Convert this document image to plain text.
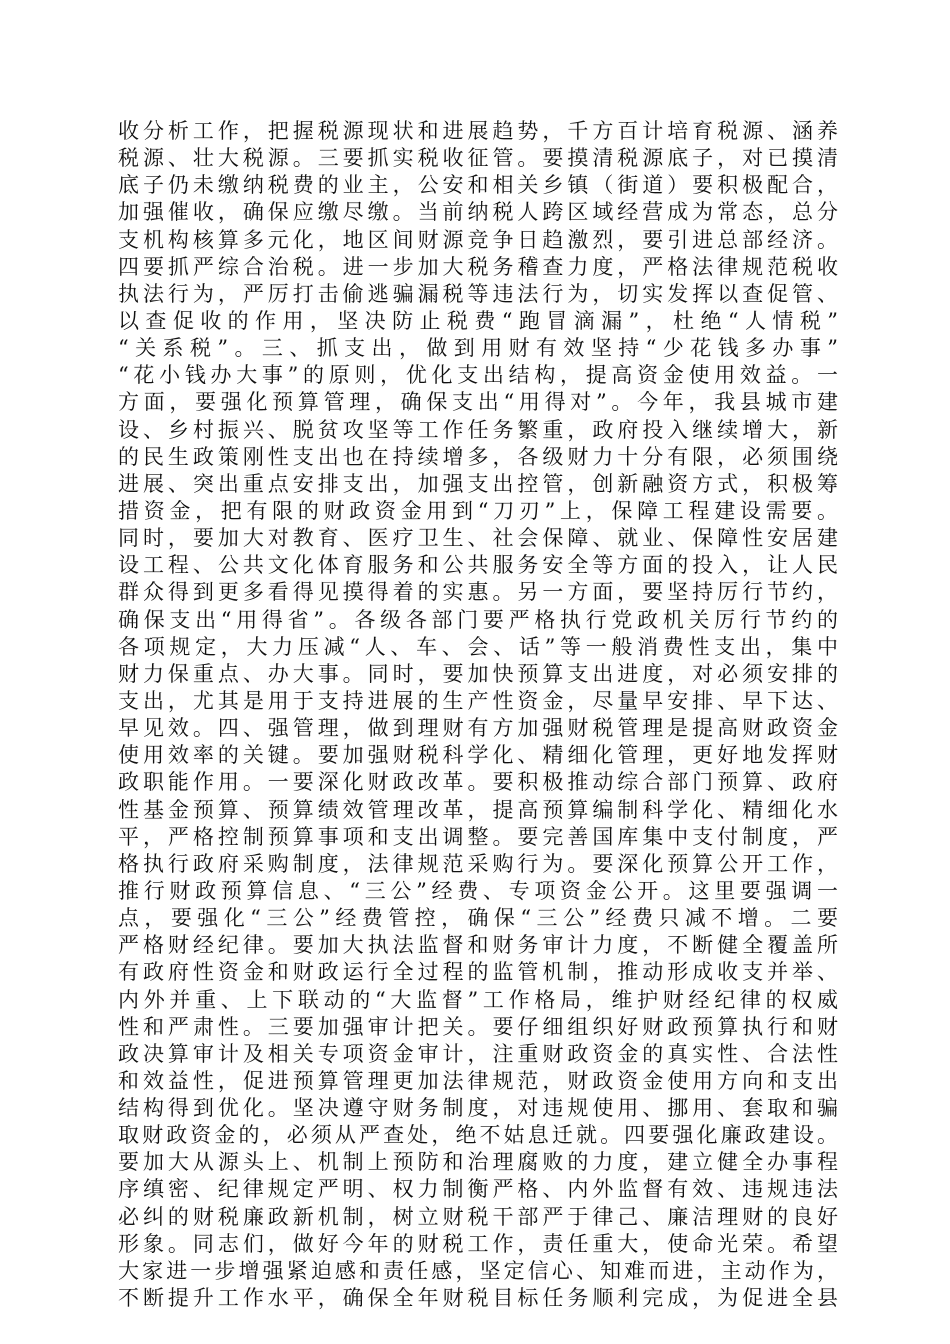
收分析工作，把握税源现状和进展趋势，千方百计培育税源、涵养
税源、壮大税源。三要抓实税收征管。要摸清税源底子，对已摸清
底子仍未缴纳税费的业主，公安和相关乡镇（街道）要积极配合，
加强催收，确保应缴尽缴。当前纳税人跨区域经营成为常态，总分
支机构核算多元化，地区间财源竞争日趋激烈，要引进总部经济。
四要抓严综合治税。进一步加大税务稽查力度，严格法律规范税收
执法行为，严厉打击偷逃骗漏税等违法行为，切实发挥以查促管、
以查促收的作用，坚决防止税费“跑冒滴漏”，杜绝“人情税”
“关系税”。三、抓支出，做到用财有效坚持“少花钱多办事”
“花小钱办大事”的原则，优化支出结构，提高资金使用效益。一
方面，要强化预算管理，确保支出“用得对”。今年，我县城市建
设、乡村振兴、脱贫攻坚等工作任务繁重，政府投入继续增大，新
的民生政策刚性支出也在持续增多，各级财力十分有限，必须围绕
进展、突出重点安排支出，加强支出控管，创新融资方式，积极筹
措资金，把有限的财政资金用到“刀刃”上，保障工程建设需要。
同时，要加大对教育、医疗卫生、社会保障、就业、保障性安居建
设工程、公共文化体育服务和公共服务安全等方面的投入，让人民
群众得到更多看得见摸得着的实惠。另一方面，要坚持厉行节约，
确保支出“用得省”。各级各部门要严格执行党政机关厉行节约的
各项规定，大力压减“人、车、会、话”等一般消费性支出，集中
财力保重点、办大事。同时，要加快预算支出进度，对必须安排的
支出，尤其是用于支持进展的生产性资金，尽量早安排、早下达、
早见效。四、强管理，做到理财有方加强财税管理是提高财政资金
使用效率的关键。要加强财税科学化、精细化管理，更好地发挥财
政职能作用。一要深化财政改革。要积极推动综合部门预算、政府
性基金预算、预算绩效管理改革，提高预算编制科学化、精细化水
平，严格控制预算事项和支出调整。要完善国库集中支付制度，严
格执行政府采购制度，法律规范采购行为。要深化预算公开工作，
推行财政预算信息、“三公”经费、专项资金公开。这里要强调一
点，要强化“三公”经费管控，确保“三公”经费只减不增。二要
严格财经纪律。要加大执法监督和财务审计力度，不断健全覆盖所
有政府性资金和财政运行全过程的监管机制，推动形成收支并举、
内外并重、上下联动的“大监督”工作格局，维护财经纪律的权威
性和严肃性。三要加强审计把关。要仔细组织好财政预算执行和财
政决算审计及相关专项资金审计，注重财政资金的真实性、合法性
和效益性，促进预算管理更加法律规范，财政资金使用方向和支出
结构得到优化。坚决遵守财务制度，对违规使用、挪用、套取和骗
取财政资金的，必须从严查处，绝不姑息迁就。四要强化廉政建设。
要加大从源头上、机制上预防和治理腐败的力度，建立健全办事程
序缜密、纪律规定严明、权力制衡严格、内外监督有效、违规违法
必纠的财税廉政新机制，树立财税干部严于律己、廉洁理财的良好
形象。同志们，做好今年的财税工作，责任重大，使命光荣。希望
大家进一步增强紧迫感和责任感，坚定信心、知难而进，主动作为，
不断提升工作水平，确保全年财税目标任务顺利完成，为促进全县
